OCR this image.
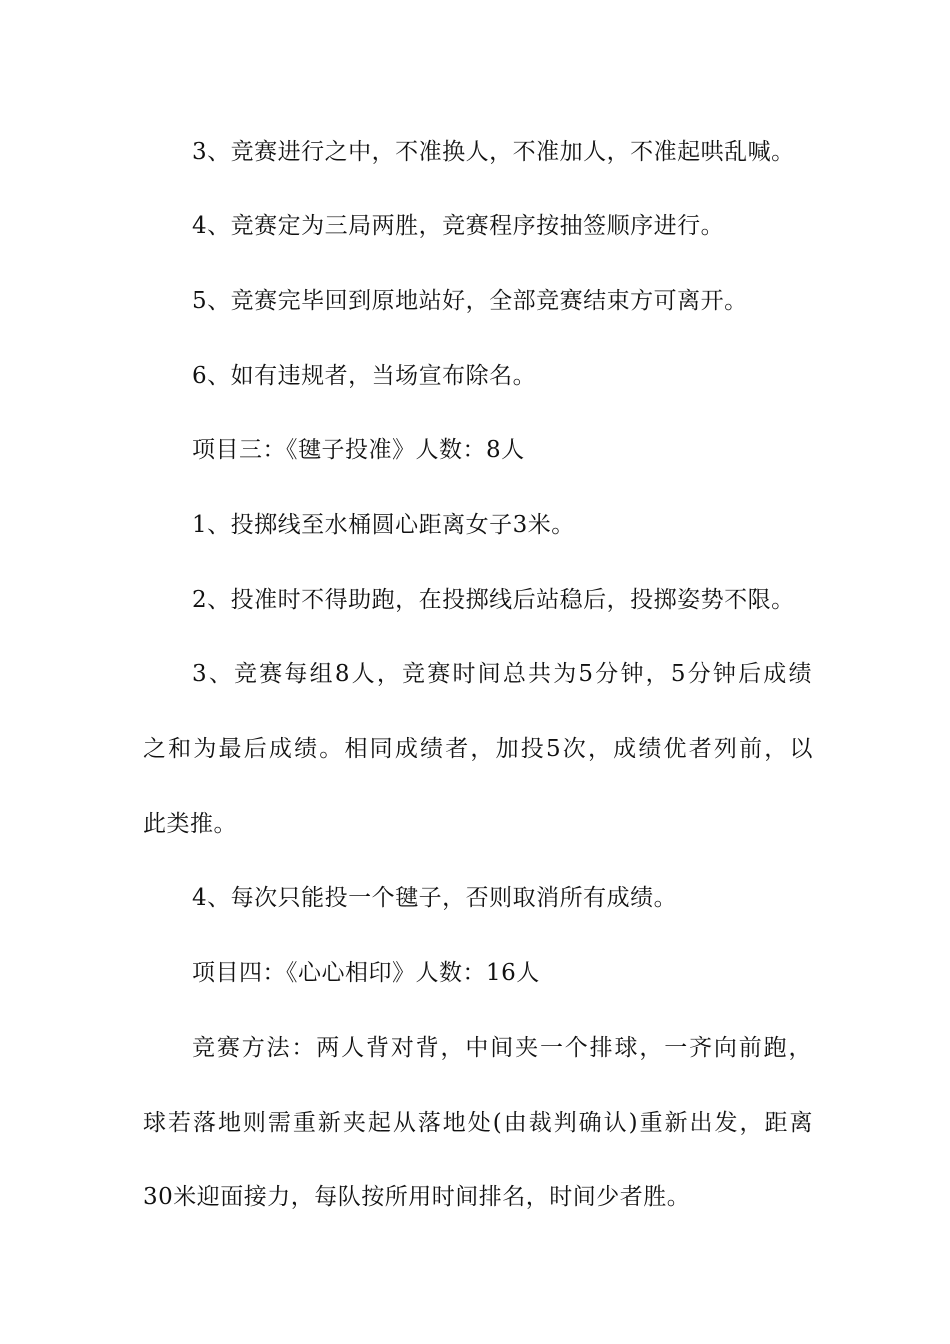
3、竞赛进行之中，不准换人，不准加人，不准起哄乱喊。

4、竞赛定为三局两胜，竞赛程序按抽签顺序进行。

5、竞赛完毕回到原地站好，全部竞赛结束方可离开。

6、如有违规者，当场宣布除名。

项目三：《毽子投准》人数：8人

1、投掷线至水桶圆心距离女子3米。

2、投准时不得助跑，在投掷线后站稳后，投掷姿势不限。

3、竞赛每组8人，竞赛时间总共为5分钟，5分钟后成绩

之和为最后成绩。相同成绩者，加投5次，成绩优者列前，以

此类推。

4、每次只能投一个毽子，否则取消所有成绩。

项目四：《心心相印》人数：16人

竞赛方法：两人背对背，中间夹一个排球，一齐向前跑，

球若落地则需重新夹起从落地处(由裁判确认)重新出发，距离

30米迎面接力，每队按所用时间排名，时间少者胜。
